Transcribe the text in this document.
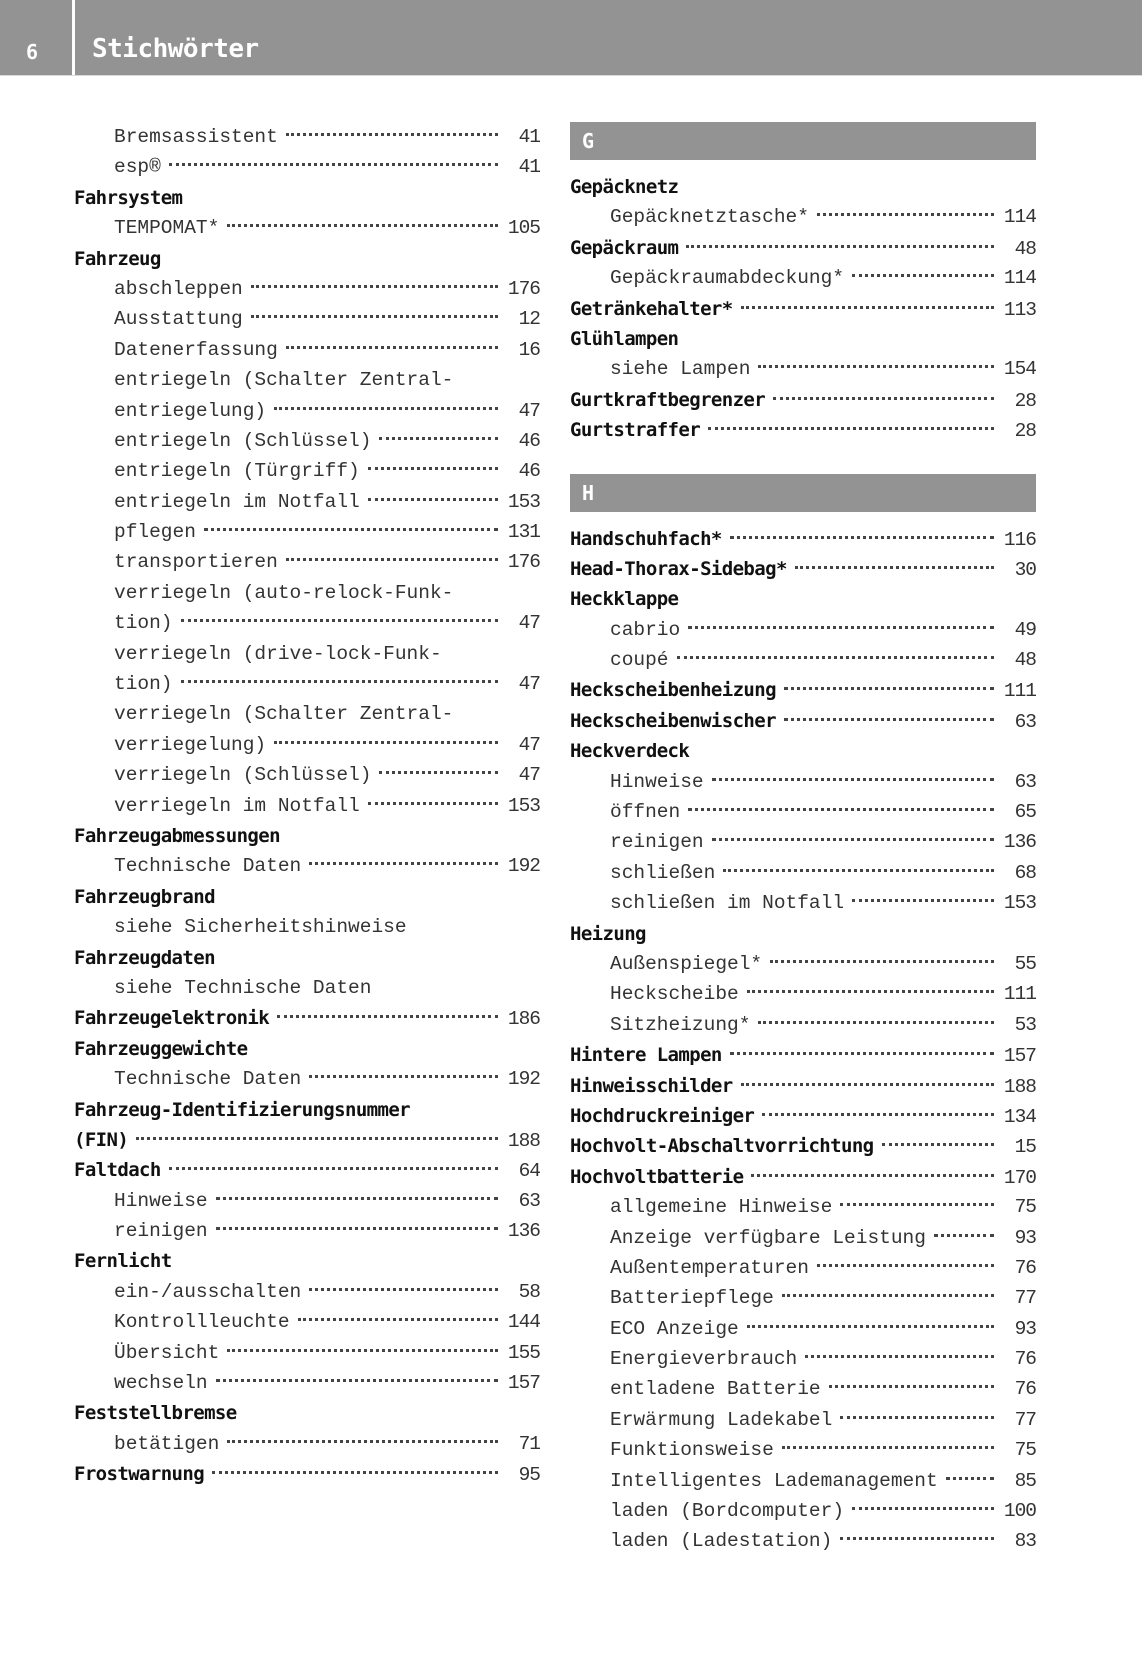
6 Stichwörter
Bremsassistent	41
esp®	41
Fahrsystem
TEMPOMAT*	105
Fahrzeug
abschleppen	176
Ausstattung	12
Datenerfassung	16
entriegeln (Schalter Zentral-
entriegelung)	47
entriegeln (Schlüssel)	46
entriegeln (Türgriff)	46
entriegeln im Notfall	153
pflegen	131
transportieren	176
verriegeln (auto-relock-Funk-
tion)	47
verriegeln (drive-lock-Funk-
tion)	47
verriegeln (Schalter Zentral-
verriegelung)	47
verriegeln (Schlüssel)	47
verriegeln im Notfall	153
Fahrzeugabmessungen
Technische Daten	192
Fahrzeugbrand
siehe Sicherheitshinweise
Fahrzeugdaten
siehe Technische Daten
Fahrzeugelektronik	186
Fahrzeuggewichte
Technische Daten	192
Fahrzeug-Identifizierungsnummer
(FIN)	188
Faltdach	64
Hinweise	63
reinigen	136
Fernlicht
ein-/ausschalten	58
Kontrollleuchte	144
Übersicht	155
wechseln	157
Feststellbremse
betätigen	71
Frostwarnung	95
G
Gepäcknetz
Gepäcknetztasche*	114
Gepäckraum	48
Gepäckraumabdeckung*	114
Getränkehalter*	113
Glühlampen
siehe Lampen	154
Gurtkraftbegrenzer	28
Gurtstraffer	28
H
Handschuhfach*	116
Head-Thorax-Sidebag*	30
Heckklappe
cabrio	49
coupé	48
Heckscheibenheizung	111
Heckscheibenwischer	63
Heckverdeck
Hinweise	63
öffnen	65
reinigen	136
schließen	68
schließen im Notfall	153
Heizung
Außenspiegel*	55
Heckscheibe	111
Sitzheizung*	53
Hintere Lampen	157
Hinweisschilder	188
Hochdruckreiniger	134
Hochvolt-Abschaltvorrichtung	15
Hochvoltbatterie	170
allgemeine Hinweise	75
Anzeige verfügbare Leistung	93
Außentemperaturen	76
Batteriepflege	77
ECO Anzeige	93
Energieverbrauch	76
entladene Batterie	76
Erwärmung Ladekabel	77
Funktionsweise	75
Intelligentes Lademanagement	85
laden (Bordcomputer)	100
laden (Ladestation)	83
